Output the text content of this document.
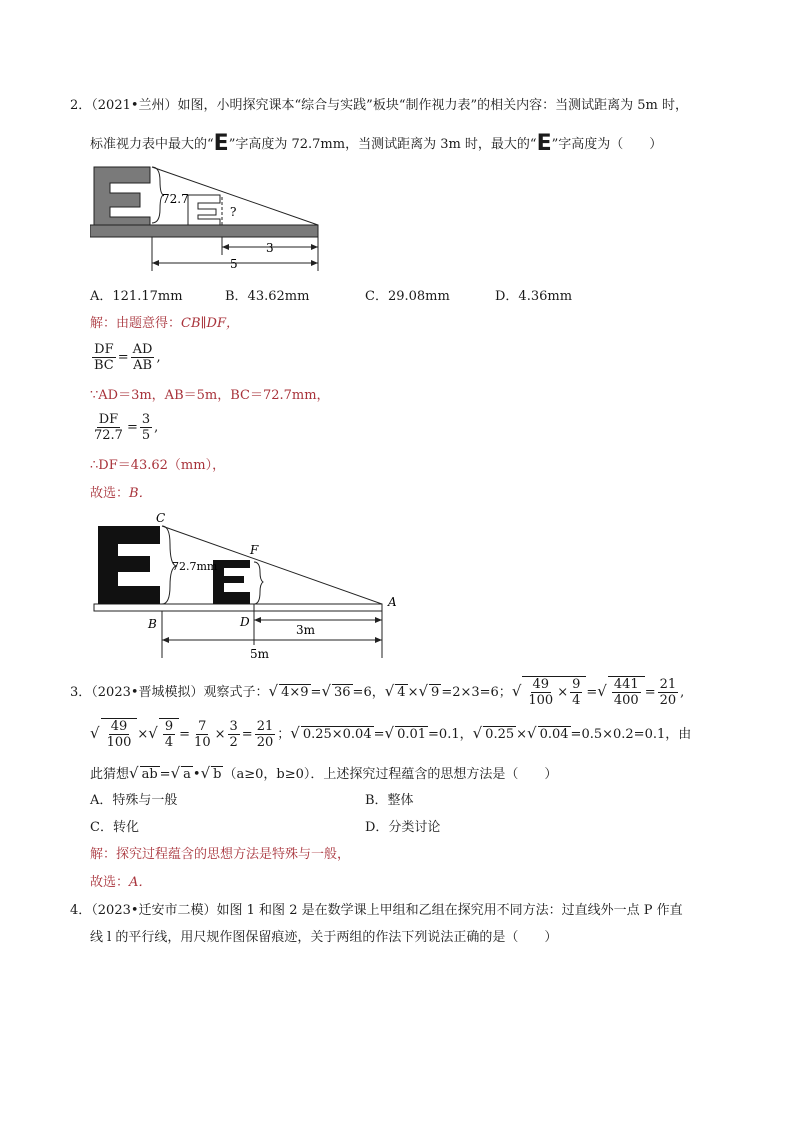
2．（2021•兰州）如图，小明探究课本“综合与实践”板块“制作视力表”的相关内容：当测试距离为 5m 时，
标准视力表中最大的“E”字高度为 72.7mm，当测试距离为 3m 时，最大的“E”字高度为（　　）
72.7
?
3
5
A．121.17mm	B．43.62mm	C．29.08mm	D．4.36mm
解：由题意得：CB∥DF，
$\frac{DF}{BC} = \frac{AD}{AB}$ ,
∵AD＝3m，AB＝5m，BC＝72.7mm，
$\frac{DF}{72.7} = \frac{3}{5}$ ,
∴DF＝43.62（mm），
故选：B．
72.7mm
3m
5m
C
F
A
B	D
3．（2023•晋城模拟）观察式子：√ 4×9 =√ 36 =6，√ 4 ×√ 9 =2×3=6；√ $\frac{49}{100} \times \frac{9}{4}$ =√ $\frac{441}{400} = \frac{21}{20}$ ,
√ $\frac{49}{100}$ ×√ $\frac{9}{4} = \frac{7}{10} \times \frac{3}{2} = \frac{21}{20}$ ；√ 0.25×0.04 =√ 0.01 =0.1，√ 0.25 ×√ 0.04 =0.5×0.2=0.1，由
此猜想√ ab =√ a •√ b （a≥0，b≥0）．上述探究过程蕴含的思想方法是（　　）
A．特殊与一般	B．整体
C．转化	D．分类讨论
解：探究过程蕴含的思想方法是特殊与一般，
故选：A．
4．（2023•迁安市二模）如图 1 和图 2 是在数学课上甲组和乙组在探究用不同方法：过直线外一点 P 作直
线 l 的平行线，用尺规作图保留痕迹，关于两组的作法下列说法正确的是（　　）
